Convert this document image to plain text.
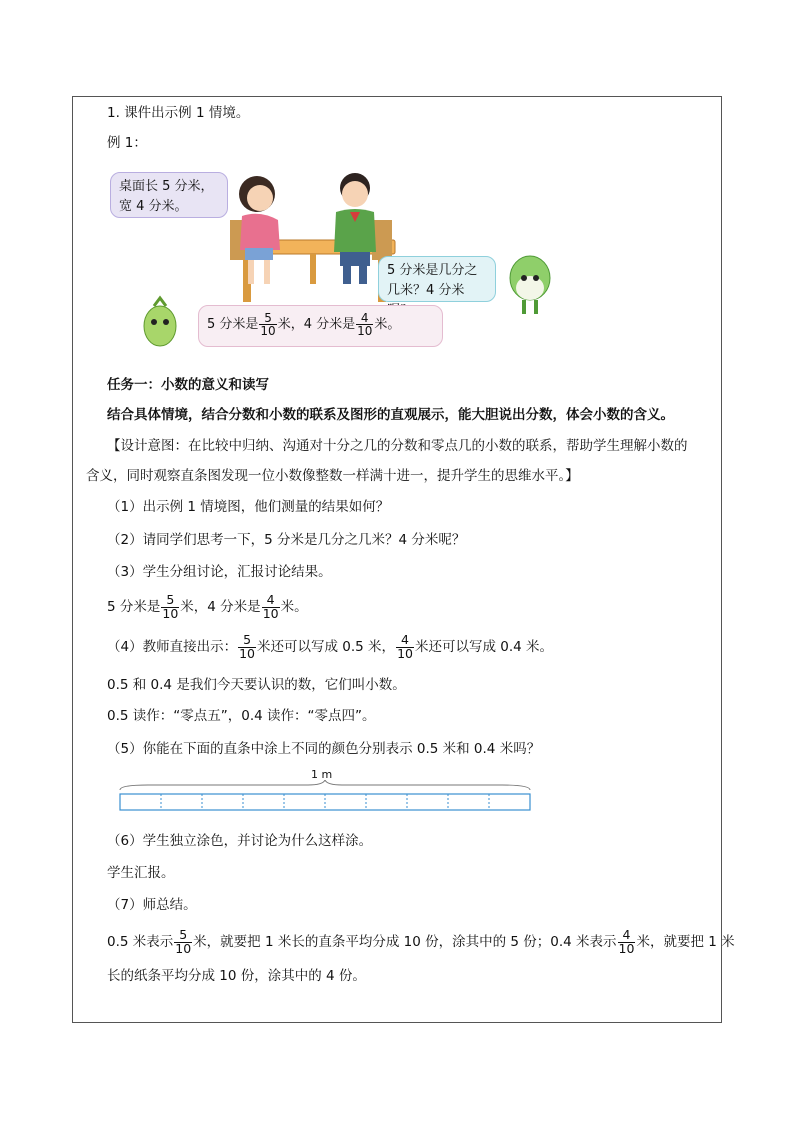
1. 课件出示例 1 情境。
例 1：
桌面长 5 分米，
宽 4 分米。
5 分米是几分之
几米？4 分米
5 分米是 $\frac{5}{10}$ 米，4 分米是 $\frac{4}{10}$ 米。
任务一：小数的意义和读写
结合具体情境，结合分数和小数的联系及图形的直观展示，能大胆说出分数，体会小数的含义。
【设计意图：在比较中归纳、沟通对十分之几的分数和零点几的小数的联系，帮助学生理解小数的
含义，同时观察直条图发现一位小数像整数一样满十进一，提升学生的思维水平。】
（1）出示例 1 情境图，他们测量的结果如何？
（2）请同学们思考一下，5 分米是几分之几米？4 分米呢？
（3）学生分组讨论，汇报讨论结果。
5 分米是 $\frac{5}{10}$ 米，4 分米是 $\frac{4}{10}$ 米。
（4）教师直接出示： $\frac{5}{10}$ 米还可以写成 0.5 米， $\frac{4}{10}$ 米还可以写成 0.4 米。
0.5 和 0.4 是我们今天要认识的数，它们叫小数。
0.5 读作：“零点五”，0.4 读作：“零点四”。
（5）你能在下面的直条中涂上不同的颜色分别表示 0.5 米和 0.4 米吗？
1 m
（6）学生独立涂色，并讨论为什么这样涂。
学生汇报。
（7）师总结。
0.5 米表示 $\frac{5}{10}$ 米，就要把 1 米长的直条平均分成 10 份，涂其中的 5 份；0.4 米表示 $\frac{4}{10}$ 米，就要把 1 米
长的纸条平均分成 10 份，涂其中的 4 份。
